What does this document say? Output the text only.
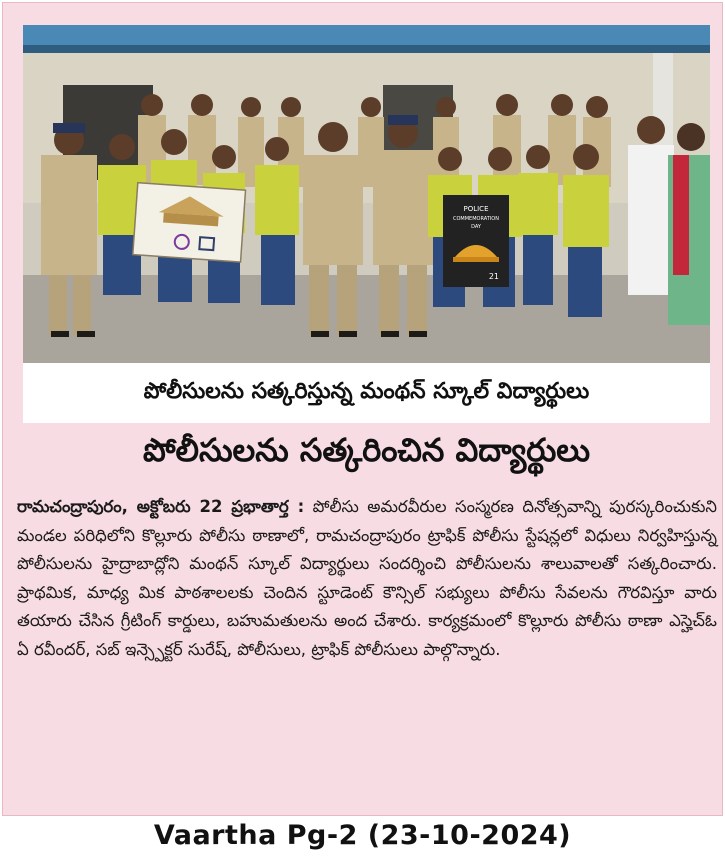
POLICE
COMMEMORATION
DAY
21
పోలీసులను సత్కరిస్తున్న మంథన్ స్కూల్ విద్యార్థులు
పోలీసులను సత్కరించిన విద్యార్థులు
రామచంద్రాపురం, అక్టోబరు 22 ప్రభాతార్త : పోలీసు అమరవీరుల సంస్మరణ దినోత్సవాన్ని పురస్కరించుకుని మండల పరిధిలోని కొల్లూరు పోలీసు ఠాణాలో, రామచంద్రాపురం ట్రాఫిక్ పోలీసు స్టేషన్లలో విధులు నిర్వహిస్తున్న పోలీసులను హైద్రాబాద్లోని మంథన్ స్కూల్ విద్యార్థులు సందర్శించి పోలీసులను శాలువాలతో సత్కరించారు. ప్రాథమిక, మాధ్య మిక పాఠశాలలకు చెందిన స్టూడెంట్ కౌన్సిల్ సభ్యులు పోలీసు సేవలను గౌరవిస్తూ వారు తయారు చేసిన గ్రీటింగ్ కార్డులు, బహుమతులను అంద చేశారు. కార్యక్రమంలో కొల్లూరు పోలీసు ఠాణా ఎస్హెచ్ఓ ఏ రవీందర్, సబ్ ఇన్స్పెక్టర్ సురేష్, పోలీసులు, ట్రాఫిక్ పోలీసులు పాల్గొన్నారు.
Vaartha Pg-2 (23-10-2024)
